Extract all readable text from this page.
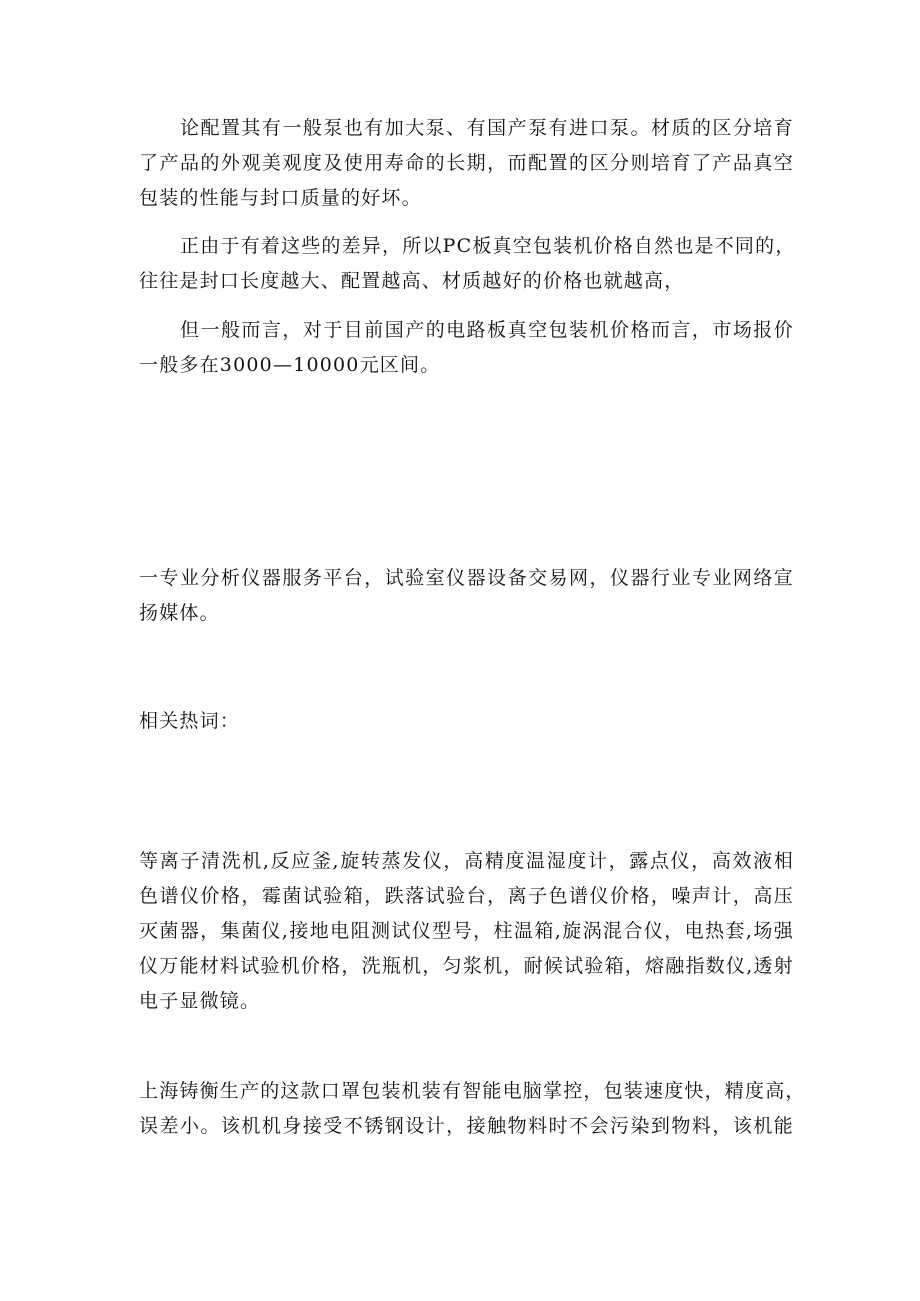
论配置其有一般泵也有加大泵、有国产泵有进口泵。材质的区分培育
了产品的外观美观度及使用寿命的长期，而配置的区分则培育了产品真空
包装的性能与封口质量的好坏。
正由于有着这些的差异，所以PC板真空包装机价格自然也是不同的，
往往是封口长度越大、配置越高、材质越好的价格也就越高，
但一般而言，对于目前国产的电路板真空包装机价格而言，市场报价
一般多在3000—10000元区间。
一专业分析仪器服务平台，试验室仪器设备交易网，仪器行业专业网络宣
扬媒体。
相关热词：
等离子清洗机,反应釜,旋转蒸发仪，高精度温湿度计，露点仪，高效液相
色谱仪价格，霉菌试验箱，跌落试验台，离子色谱仪价格，噪声计，高压
灭菌器，集菌仪,接地电阻测试仪型号，柱温箱,旋涡混合仪，电热套,场强
仪万能材料试验机价格，洗瓶机，匀浆机，耐候试验箱，熔融指数仪,透射
电子显微镜。
上海铸衡生产的这款口罩包装机装有智能电脑掌控，包装速度快，精度高，
误差小。该机机身接受不锈钢设计，接触物料时不会污染到物料，该机能
